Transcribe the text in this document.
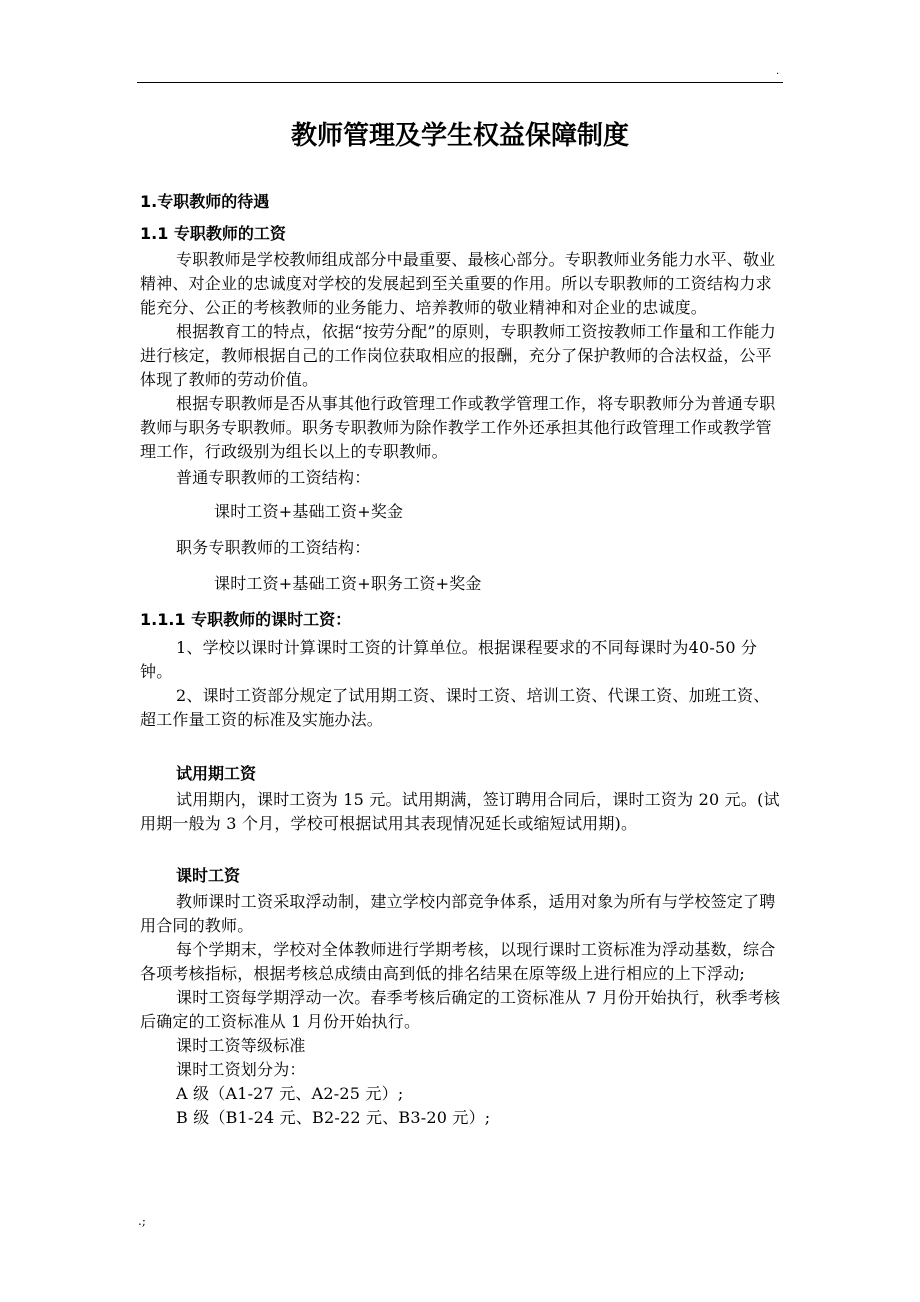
.
教师管理及学生权益保障制度

1.专职教师的待遇

1.1 专职教师的工资

专职教师是学校教师组成部分中最重要、最核心部分。专职教师业务能力水平、敬业精神、对企业的忠诚度对学校的发展起到至关重要的作用。所以专职教师的工资结构力求能充分、公正的考核教师的业务能力、培养教师的敬业精神和对企业的忠诚度。

根据教育工的特点，依据“按劳分配”的原则，专职教师工资按教师工作量和工作能力进行核定，教师根据自己的工作岗位获取相应的报酬，充分了保护教师的合法权益，公平体现了教师的劳动价值。

根据专职教师是否从事其他行政管理工作或教学管理工作，将专职教师分为普通专职教师与职务专职教师。职务专职教师为除作教学工作外还承担其他行政管理工作或教学管理工作，行政级别为组长以上的专职教师。

普通专职教师的工资结构：

课时工资+基础工资+奖金

职务专职教师的工资结构：

课时工资+基础工资+职务工资+奖金

1.1.1 专职教师的课时工资：

1、学校以课时计算课时工资的计算单位。根据课程要求的不同每课时为40-50 分钟。

2、课时工资部分规定了试用期工资、课时工资、培训工资、代课工资、加班工资、超工作量工资的标准及实施办法。

试用期工资

试用期内，课时工资为 15 元。试用期满，签订聘用合同后，课时工资为 20 元。(试用期一般为 3 个月，学校可根据试用其表现情况延长或缩短试用期)。

课时工资

教师课时工资采取浮动制，建立学校内部竞争体系，适用对象为所有与学校签定了聘用合同的教师。

每个学期末，学校对全体教师进行学期考核，以现行课时工资标准为浮动基数，综合各项考核指标，根据考核总成绩由高到低的排名结果在原等级上进行相应的上下浮动;

课时工资每学期浮动一次。春季考核后确定的工资标准从 7 月份开始执行，秋季考核后确定的工资标准从 1 月份开始执行。

课时工资等级标准

课时工资划分为：

A 级（A1-27 元、A2-25 元）;

B 级（B1-24 元、B2-22 元、B3-20 元）;

.;
